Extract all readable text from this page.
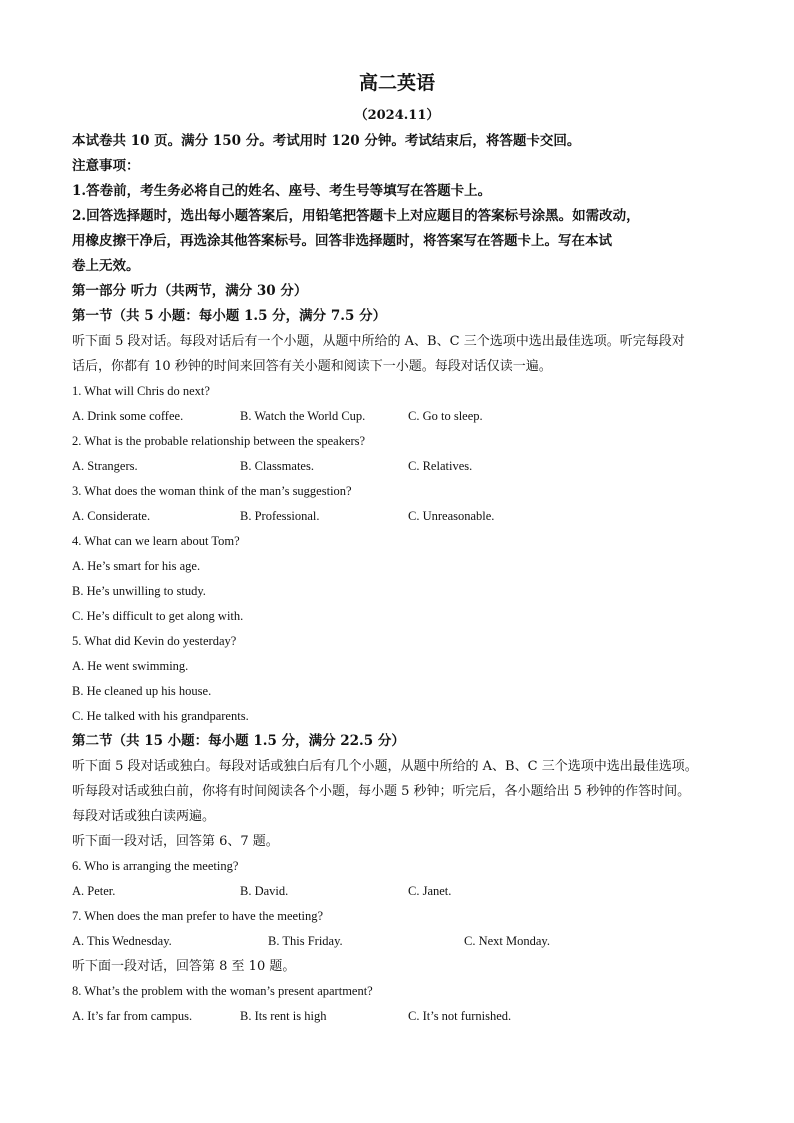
高二英语
（2024.11）
本试卷共 10 页。满分 150 分。考试用时 120 分钟。考试结束后，将答题卡交回。
注意事项：
1.答卷前，考生务必将自己的姓名、座号、考生号等填写在答题卡上。
2.回答选择题时，选出每小题答案后，用铅笔把答题卡上对应题目的答案标号涂黑。如需改动，
用橡皮擦干净后，再选涂其他答案标号。回答非选择题时，将答案写在答题卡上。写在本试
卷上无效。
第一部分 听力（共两节，满分 30 分）
第一节（共 5 小题：每小题 1.5 分，满分 7.5 分）
听下面 5 段对话。每段对话后有一个小题，从题中所给的 A、B、C 三个选项中选出最佳选项。听完每段对
话后，你都有 10 秒钟的时间来回答有关小题和阅读下一小题。每段对话仅读一遍。
1. What will Chris do next?
A. Drink some coffee.	B. Watch the World Cup.	C. Go to sleep.
2. What is the probable relationship between the speakers?
A. Strangers.	B. Classmates.	C. Relatives.
3. What does the woman think of the man’s suggestion?
A. Considerate.	B. Professional.	C. Unreasonable.
4. What can we learn about Tom?
A. He’s smart for his age.
B. He’s unwilling to study.
C. He’s difficult to get along with.
5. What did Kevin do yesterday?
A. He went swimming.
B. He cleaned up his house.
C. He talked with his grandparents.
第二节（共 15 小题：每小题 1.5 分，满分 22.5 分）
听下面 5 段对话或独白。每段对话或独白后有几个小题，从题中所给的 A、B、C 三个选项中选出最佳选项。
听每段对话或独白前，你将有时间阅读各个小题，每小题 5 秒钟；听完后，各小题给出 5 秒钟的作答时间。
每段对话或独白读两遍。
听下面一段对话，回答第 6、7 题。
6. Who is arranging the meeting?
A. Peter.	B. David.	C. Janet.
7. When does the man prefer to have the meeting?
A. This Wednesday.	B. This Friday.	C. Next Monday.
听下面一段对话，回答第 8 至 10 题。
8. What’s the problem with the woman’s present apartment?
A. It’s far from campus.	B. Its rent is high	C. It’s not furnished.
